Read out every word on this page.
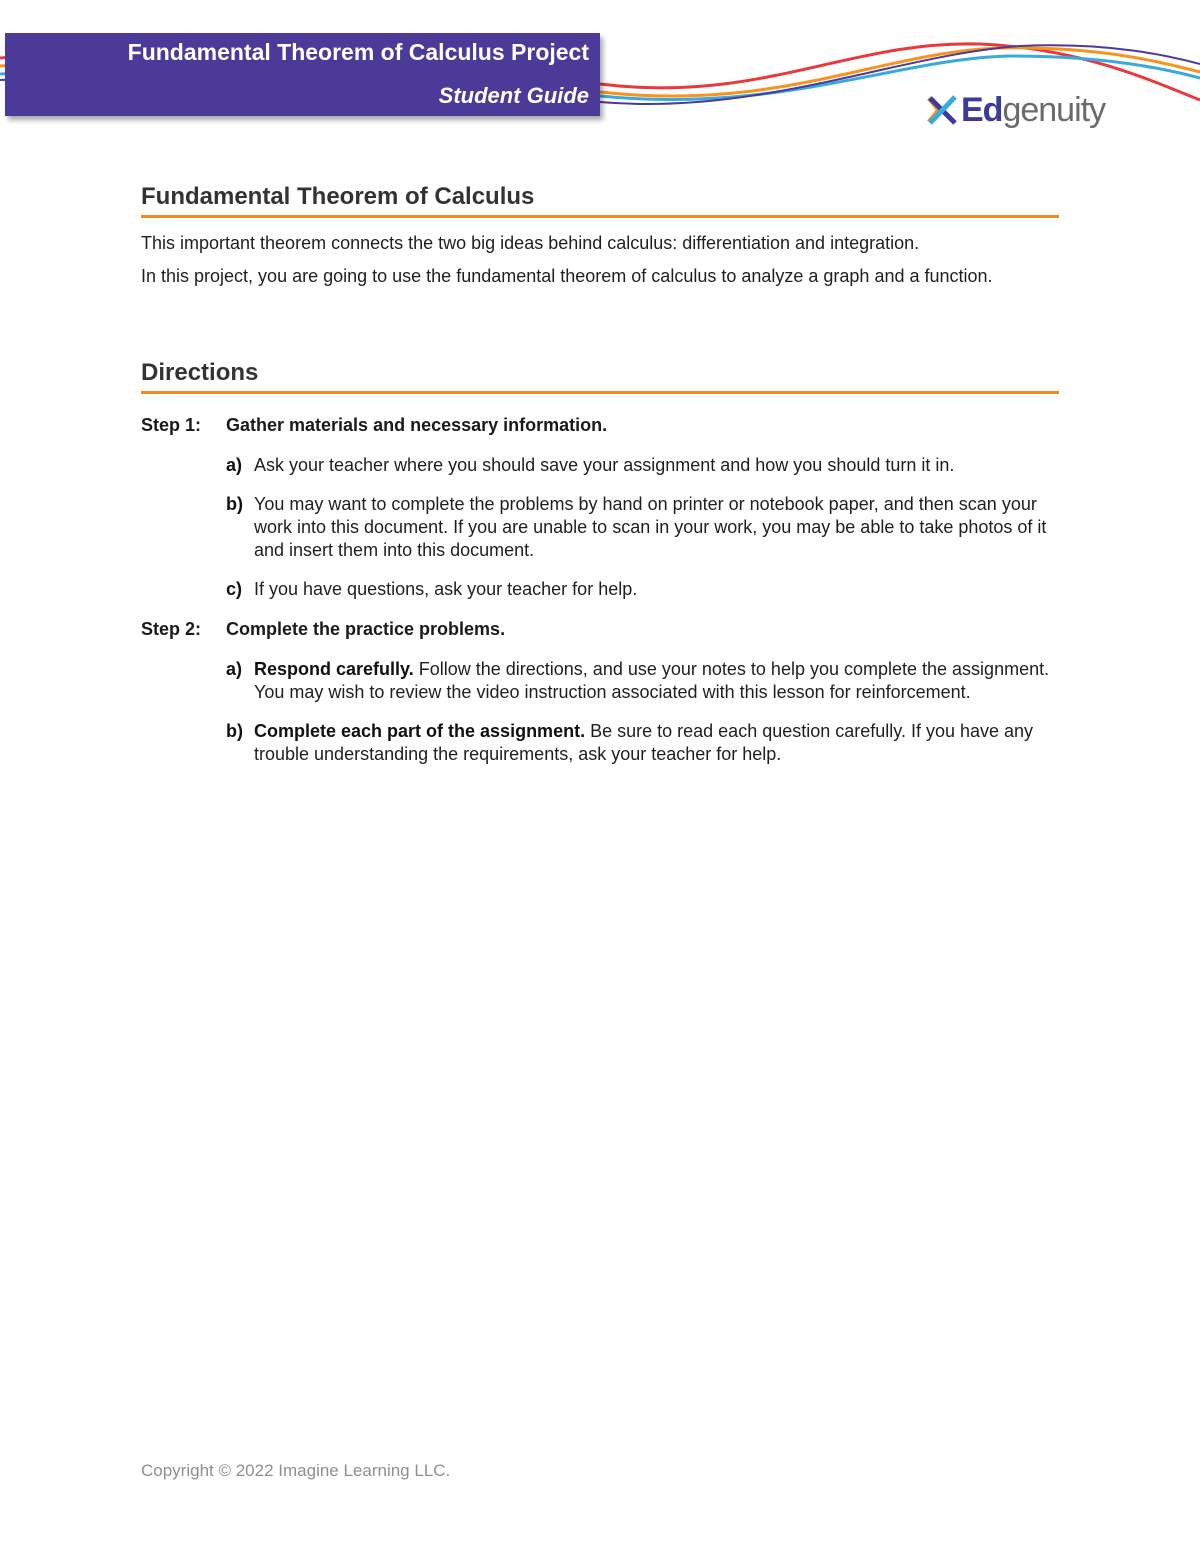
Fundamental Theorem of Calculus Project
Student Guide	Edgenuity
Fundamental Theorem of Calculus

This important theorem connects the two big ideas behind calculus: differentiation and integration.

In this project, you are going to use the fundamental theorem of calculus to analyze a graph and a function.

Directions
Step 1:	Gather materials and necessary information.
a) Ask your teacher where you should save your assignment and how you should turn it in.
b) You may want to complete the problems by hand on printer or notebook paper, and then scan your work into this document. If you are unable to scan in your work, you may be able to take photos of it and insert them into this document.
c) If you have questions, ask your teacher for help.
Step 2:	Complete the practice problems.
a) Respond carefully. Follow the directions, and use your notes to help you complete the assignment. You may wish to review the video instruction associated with this lesson for reinforcement.
b) Complete each part of the assignment. Be sure to read each question carefully. If you have any trouble understanding the requirements, ask your teacher for help.
Copyright © 2022 Imagine Learning LLC.
